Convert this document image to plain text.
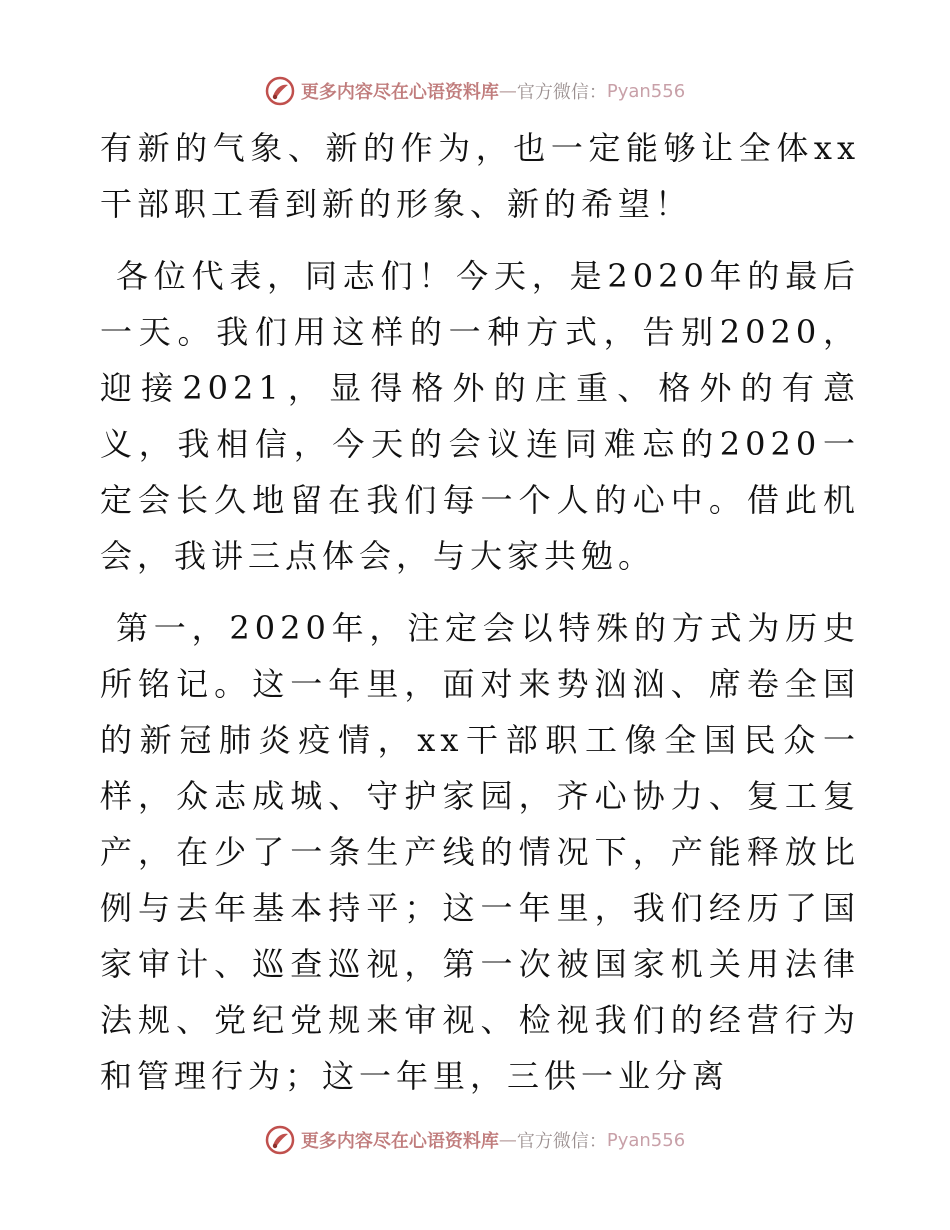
更多内容尽在心语资料库 — 官方微信： Pyan556

有新的气象、新的作为，也一定能够让全体xx干部职工看到新的形象、新的希望！

各位代表，同志们！今天，是2020年的最后一天。我们用这样的一种方式，告别2020，迎接2021，显得格外的庄重、格外的有意义，我相信，今天的会议连同难忘的2020一定会长久地留在我们每一个人的心中。借此机会，我讲三点体会，与大家共勉。

第一，2020年，注定会以特殊的方式为历史所铭记。这一年里，面对来势汹汹、席卷全国的新冠肺炎疫情，xx干部职工像全国民众一样，众志成城、守护家园，齐心协力、复工复产，在少了一条生产线的情况下，产能释放比例与去年基本持平；这一年里，我们经历了国家审计、巡查巡视，第一次被国家机关用法律法规、党纪党规来审视、检视我们的经营行为和管理行为；这一年里，三供一业分离

更多内容尽在心语资料库 — 官方微信： Pyan556
